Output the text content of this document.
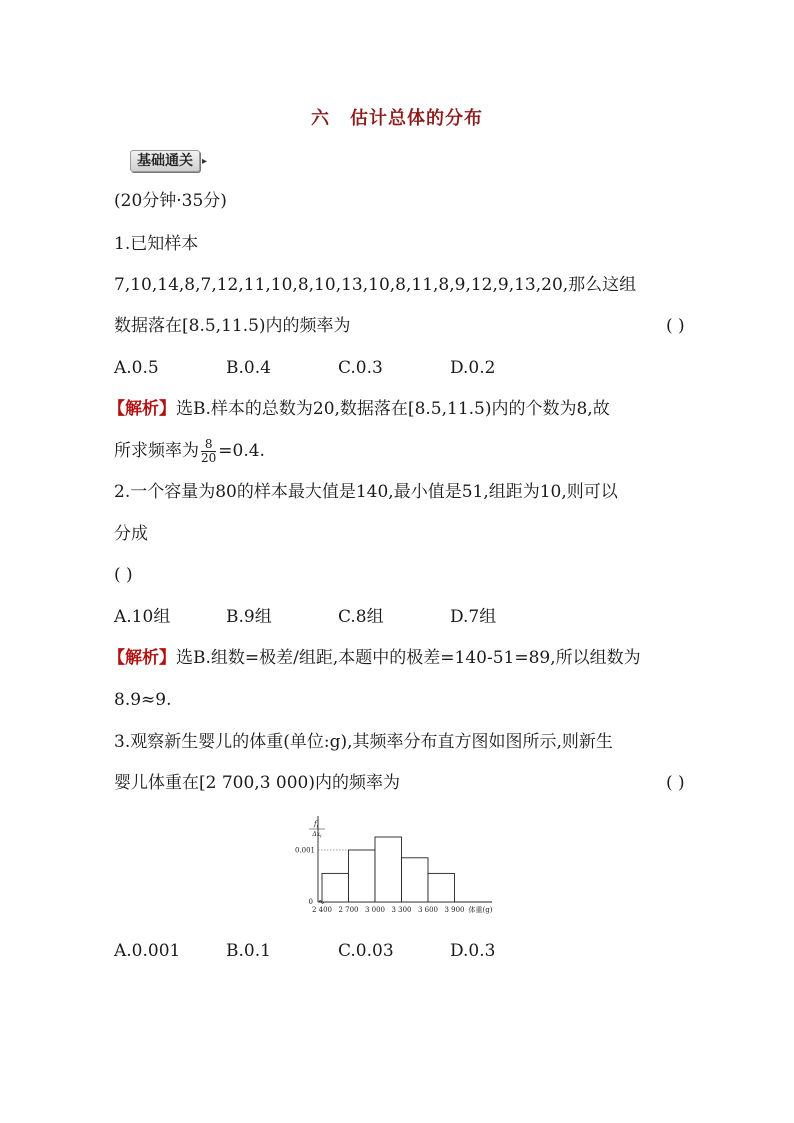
六 估计总体的分布
基础通关 ▸
(20分钟·35分)
1.已知样本
7,10,14,8,7,12,11,10,8,10,13,10,8,11,8,9,12,9,13,20,那么这组
数据落在[8.5,11.5)内的频率为	( )
A.0.5	B.0.4	C.0.3	D.0.2
【解析】选B.样本的总数为20,数据落在[8.5,11.5)内的个数为8,故
所求频率为 $\frac{8}{20} =0.4$.
2.一个容量为80的样本最大值是140,最小值是51,组距为10,则可以
分成
( )
A.10组	B.9组	C.8组	D.7组
【解析】选B.组数=极差/组距,本题中的极差=140-51=89,所以组数为
8.9≈9.
3.观察新生婴儿的体重(单位:g),其频率分布直方图如图所示,则新生
婴儿体重在[2 700,3 000)内的频率为	( )
$f_i$
$\Delta x_i$
0.001
0
2 400 2 700 3 000 3 300 3 600 3 900 体重(g)
A.0.001	B.0.1	C.0.03	D.0.3
